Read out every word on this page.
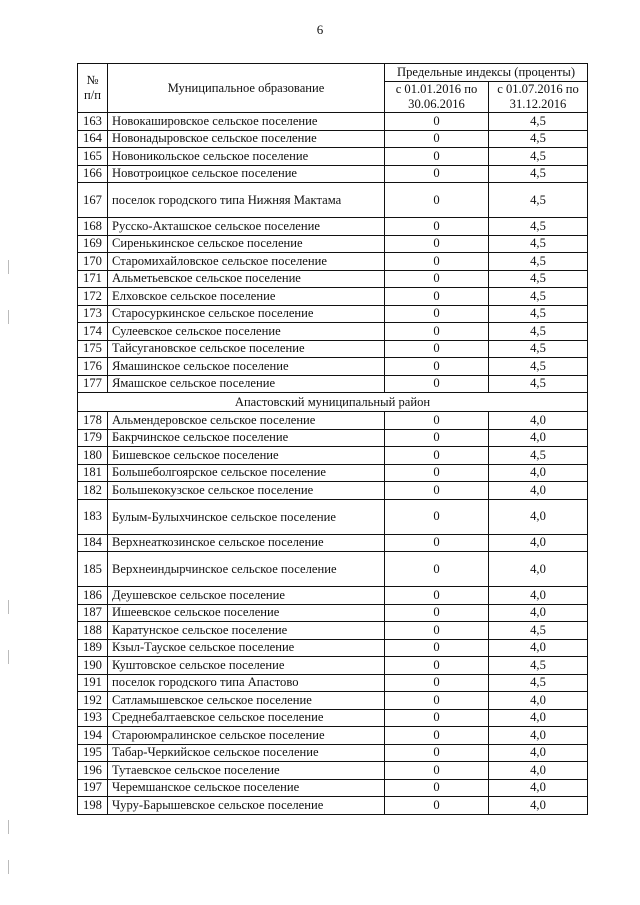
6
№
п/п	Муниципальное образование	Предельные индексы (проценты)	
		с 01.01.2016 по 30.06.2016	с 01.07.2016 по 31.12.2016

163	Новокашировское сельское поселение	0	4,5
164	Новонадыровское сельское поселение	0	4,5
165	Новоникольское сельское поселение	0	4,5
166	Новотроицкое сельское поселение	0	4,5
167	поселок городского типа Нижняя Мактама	0	4,5
168	Русско-Акташское сельское поселение	0	4,5
169	Сиренькинское сельское поселение	0	4,5
170	Старомихайловское сельское поселение	0	4,5
171	Альметьевское сельское поселение	0	4,5
172	Елховское сельское поселение	0	4,5
173	Старосуркинское сельское поселение	0	4,5
174	Сулеевское сельское поселение	0	4,5
175	Тайсугановское сельское поселение	0	4,5
176	Ямашинское сельское поселение	0	4,5
177	Ямашское сельское поселение	0	4,5
Апастовский муниципальный район			
178	Альмендеровское сельское поселение	0	4,0
179	Бакрчинское сельское поселение	0	4,0
180	Бишевское сельское поселение	0	4,5
181	Большеболгоярское сельское поселение	0	4,0
182	Большекокузское сельское поселение	0	4,0
183	Булым-Булыхчинское сельское поселение	0	4,0
184	Верхнеаткозинское сельское поселение	0	4,0
185	Верхнеиндырчинское сельское поселение	0	4,0
186	Деушевское сельское поселение	0	4,0
187	Ишеевское сельское поселение	0	4,0
188	Каратунское сельское поселение	0	4,5
189	Кзыл-Тауское сельское поселение	0	4,0
190	Куштовское сельское поселение	0	4,5
191	поселок городского типа Апастово	0	4,5
192	Сатламышевское сельское поселение	0	4,0
193	Среднебалтаевское сельское поселение	0	4,0
194	Староюмралинское сельское поселение	0	4,0
195	Табар-Черкийское сельское поселение	0	4,0
196	Тутаевское сельское поселение	0	4,0
197	Черемшанское сельское поселение	0	4,0
198	Чуру-Барышевское сельское поселение	0	4,0
